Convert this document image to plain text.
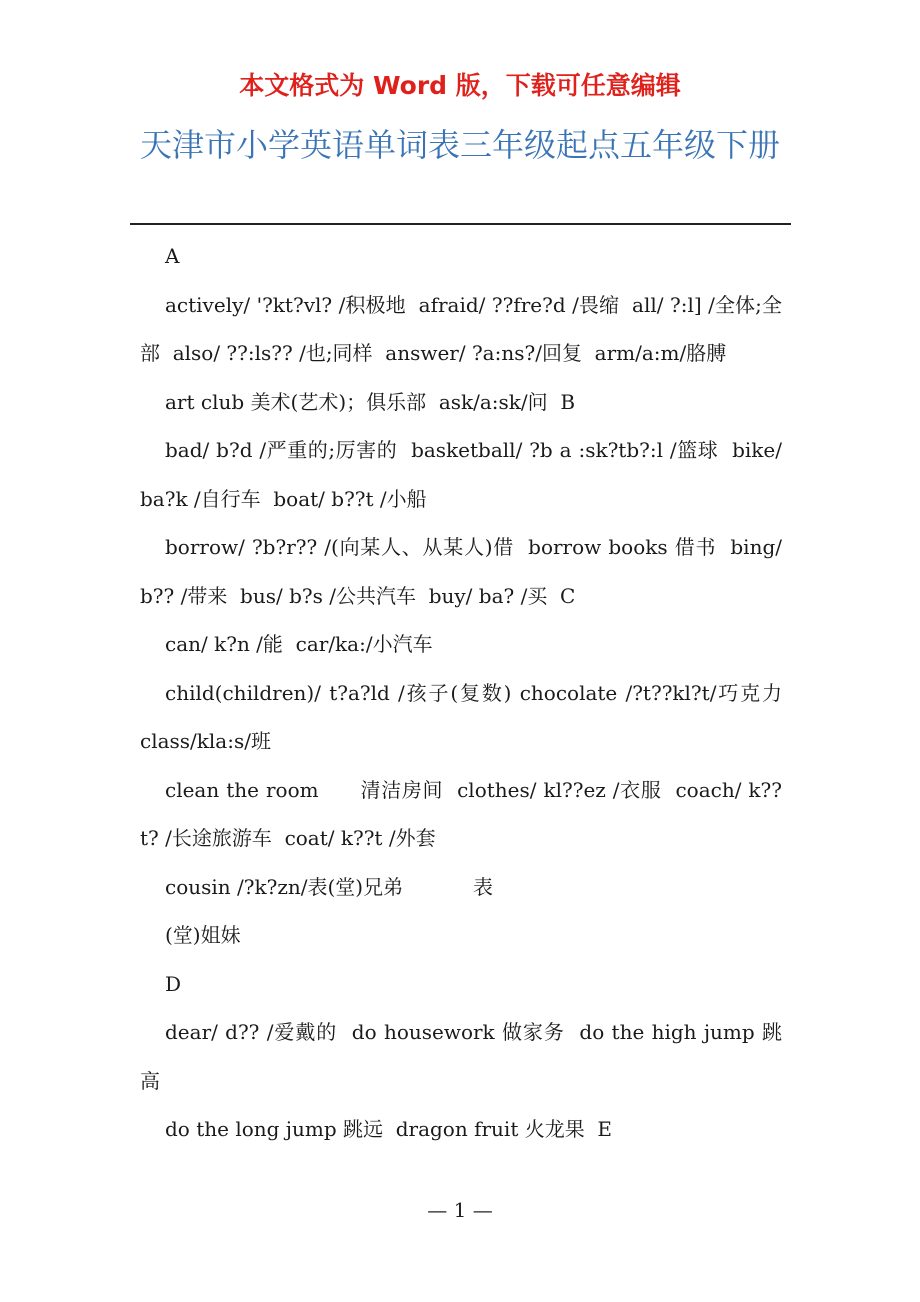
本文格式为 Word 版，下载可任意编辑
天津市小学英语单词表三年级起点五年级下册

A

actively/ '?kt?vl? /积极地  afraid/ ??fre?d /畏缩  all/ ?:l] /全体;全部  also/ ??:ls?? /也;同样  answer/ ?a:ns?/回复  arm/a:m/胳膊

art club 美术(艺术)；俱乐部  ask/a:sk/问  B

bad/ b?d /严重的;厉害的  basketball/ ?b a :sk?tb?:l /篮球  bike/ ba?k /自行车  boat/ b??t /小船

borrow/ ?b?r?? /(向某人、从某人)借  borrow books 借书  bing/ b?? /带来  bus/ b?s /公共汽车  buy/ ba? /买  C

can/ k?n /能  car/ka:/小汽车

child(children)/ t?a?ld /孩子(复数) chocolate /?t??kl?t/巧克力  class/kla:s/班

clean the room      清洁房间  clothes/ kl??ez /衣服  coach/ k??t? /长途旅游车  coat/ k??t /外套

cousin /?k?zn/表(堂)兄弟           表

(堂)姐妹

D

dear/ d?? /爱戴的  do housework 做家务  do the high jump 跳高

do the long jump 跳远  dragon fruit 火龙果  E

— 1 —
